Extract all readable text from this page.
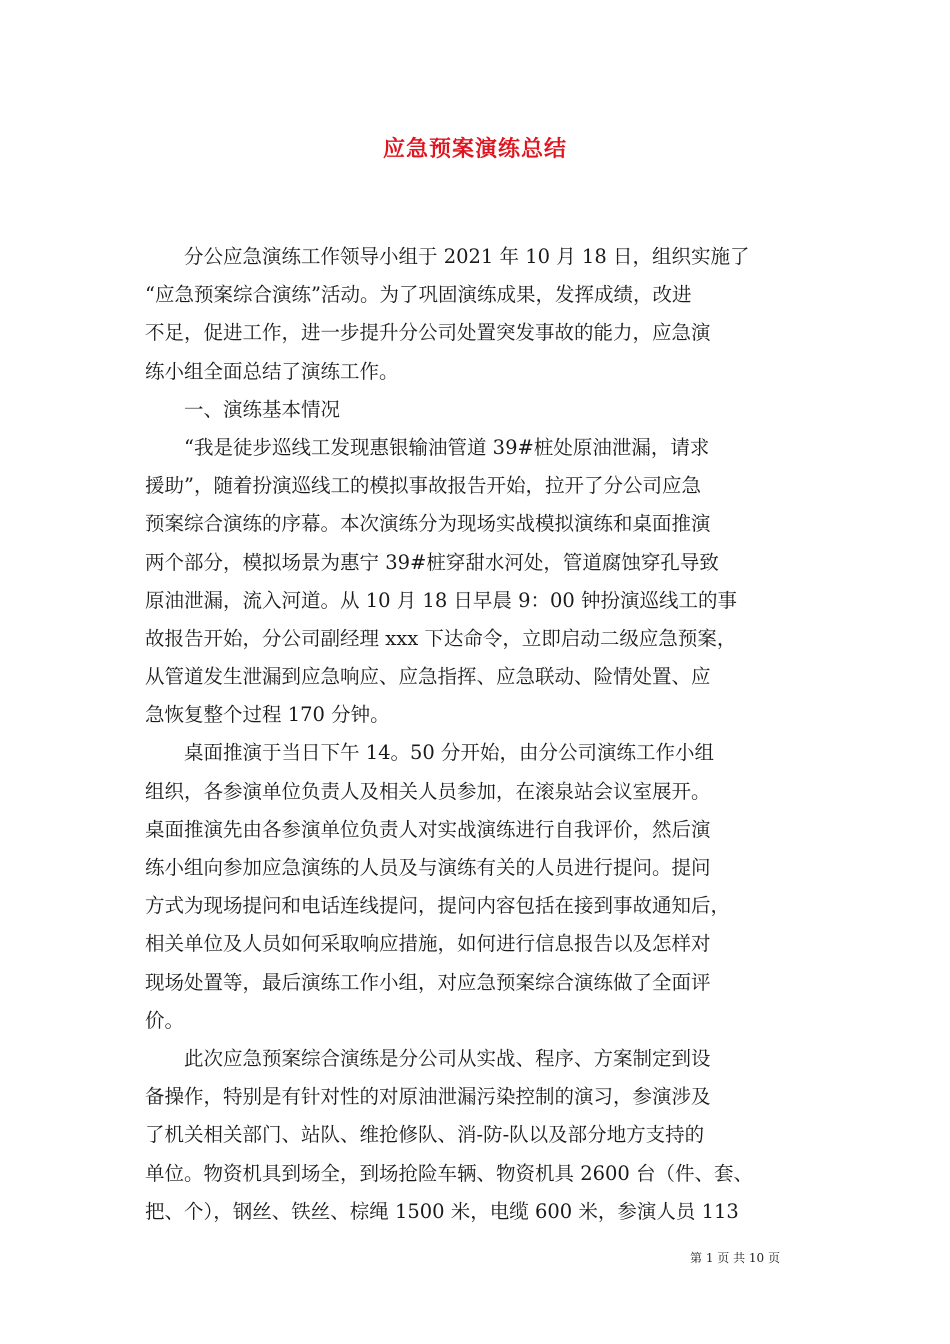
应急预案演练总结
　　分公应急演练工作领导小组于 2021 年 10 月 18 日，组织实施了
“应急预案综合演练”活动。为了巩固演练成果，发挥成绩，改进
不足，促进工作，进一步提升分公司处置突发事故的能力，应急演
练小组全面总结了演练工作。
　　一、演练基本情况
　　“我是徒步巡线工发现惠银输油管道 39#桩处原油泄漏，请求
援助”，随着扮演巡线工的模拟事故报告开始，拉开了分公司应急
预案综合演练的序幕。本次演练分为现场实战模拟演练和桌面推演
两个部分，模拟场景为惠宁 39#桩穿甜水河处，管道腐蚀穿孔导致
原油泄漏，流入河道。从 10 月 18 日早晨 9：00 钟扮演巡线工的事
故报告开始，分公司副经理 xxx 下达命令，立即启动二级应急预案，
从管道发生泄漏到应急响应、应急指挥、应急联动、险情处置、应
急恢复整个过程 170 分钟。
　　桌面推演于当日下午 14。50 分开始，由分公司演练工作小组
组织，各参演单位负责人及相关人员参加，在滚泉站会议室展开。
桌面推演先由各参演单位负责人对实战演练进行自我评价，然后演
练小组向参加应急演练的人员及与演练有关的人员进行提问。提问
方式为现场提问和电话连线提问，提问内容包括在接到事故通知后，
相关单位及人员如何采取响应措施，如何进行信息报告以及怎样对
现场处置等，最后演练工作小组，对应急预案综合演练做了全面评
价。
　　此次应急预案综合演练是分公司从实战、程序、方案制定到设
备操作，特别是有针对性的对原油泄漏污染控制的演习，参演涉及
了机关相关部门、站队、维抢修队、消-防-队以及部分地方支持的
单位。物资机具到场全，到场抢险车辆、物资机具 2600 台（件、套、
把、个），钢丝、铁丝、棕绳 1500 米，电缆 600 米，参演人员 113
第 1 页 共 10 页
